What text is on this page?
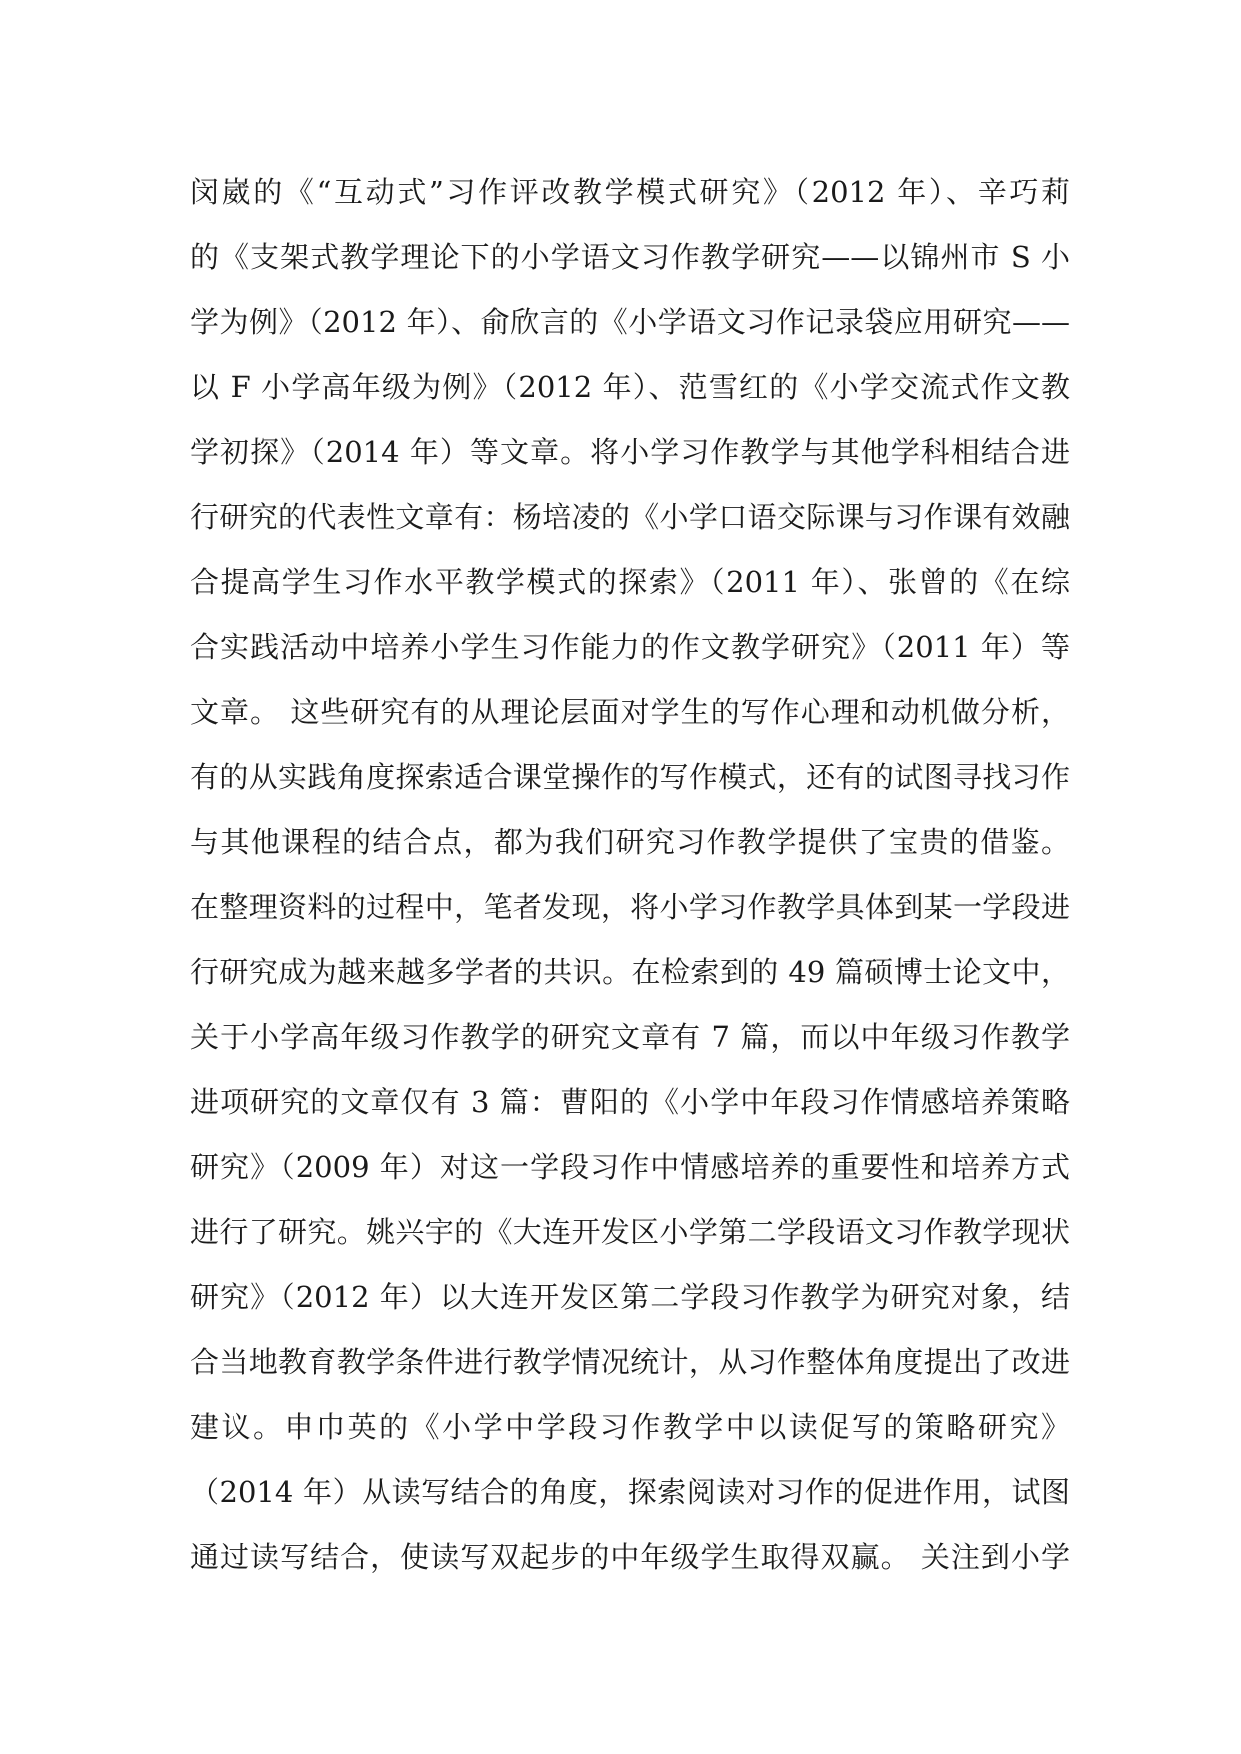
闵崴的《“互动式”习作评改教学模式研究》（2012 年）、辛巧莉
的《支架式教学理论下的小学语文习作教学研究——以锦州市 S 小
学为例》（2012 年）、俞欣言的《小学语文习作记录袋应用研究——
以 F 小学高年级为例》（2012 年）、范雪红的《小学交流式作文教
学初探》（2014 年）等文章。将小学习作教学与其他学科相结合进
行研究的代表性文章有：杨培凌的《小学口语交际课与习作课有效融
合提高学生习作水平教学模式的探索》（2011 年）、张曾的《在综
合实践活动中培养小学生习作能力的作文教学研究》（2011 年）等
文章。 这些研究有的从理论层面对学生的写作心理和动机做分析，
有的从实践角度探索适合课堂操作的写作模式，还有的试图寻找习作
与其他课程的结合点，都为我们研究习作教学提供了宝贵的借鉴。
在整理资料的过程中，笔者发现，将小学习作教学具体到某一学段进
行研究成为越来越多学者的共识。在检索到的 49 篇硕博士论文中，
关于小学高年级习作教学的研究文章有 7 篇，而以中年级习作教学
进项研究的文章仅有 3 篇：曹阳的《小学中年段习作情感培养策略
研究》（2009 年）对这一学段习作中情感培养的重要性和培养方式
进行了研究。姚兴宇的《大连开发区小学第二学段语文习作教学现状
研究》（2012 年）以大连开发区第二学段习作教学为研究对象，结
合当地教育教学条件进行教学情况统计，从习作整体角度提出了改进
建议。申巾英的《小学中学段习作教学中以读促写的策略研究》
（2014 年）从读写结合的角度，探索阅读对习作的促进作用，试图
通过读写结合，使读写双起步的中年级学生取得双赢。 关注到小学
